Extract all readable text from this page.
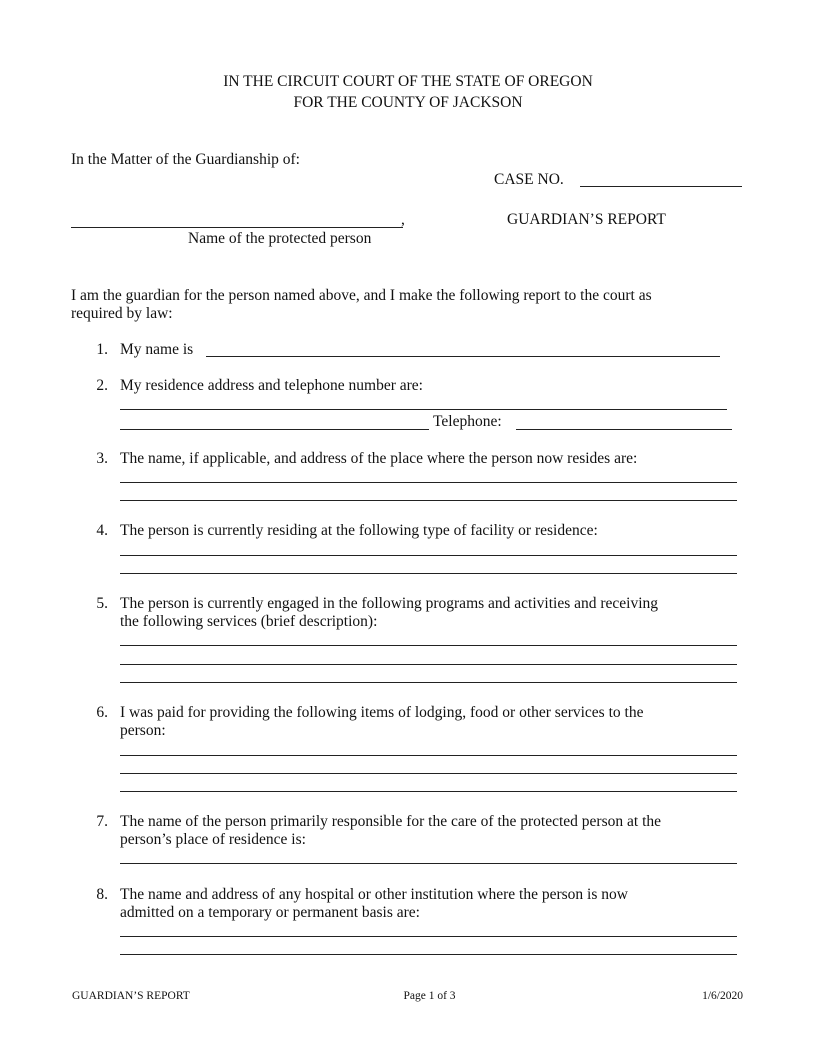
IN THE CIRCUIT COURT OF THE STATE OF OREGON
FOR THE COUNTY OF JACKSON
In the Matter of the Guardianship of:
CASE NO.
,
Name of the protected person
GUARDIAN’S REPORT
I am the guardian for the person named above, and I make the following report to the court as
required by law:
1. My name is
2. My residence address and telephone number are:
Telephone:
3. The name, if applicable, and address of the place where the person now resides are:
4. The person is currently residing at the following type of facility or residence:
5. The person is currently engaged in the following programs and activities and receiving
the following services (brief description):
6. I was paid for providing the following items of lodging, food or other services to the
person:
7. The name of the person primarily responsible for the care of the protected person at the
person’s place of residence is:
8. The name and address of any hospital or other institution where the person is now
admitted on a temporary or permanent basis are:
GUARDIAN’S REPORT	Page 1 of 3	1/6/2020
